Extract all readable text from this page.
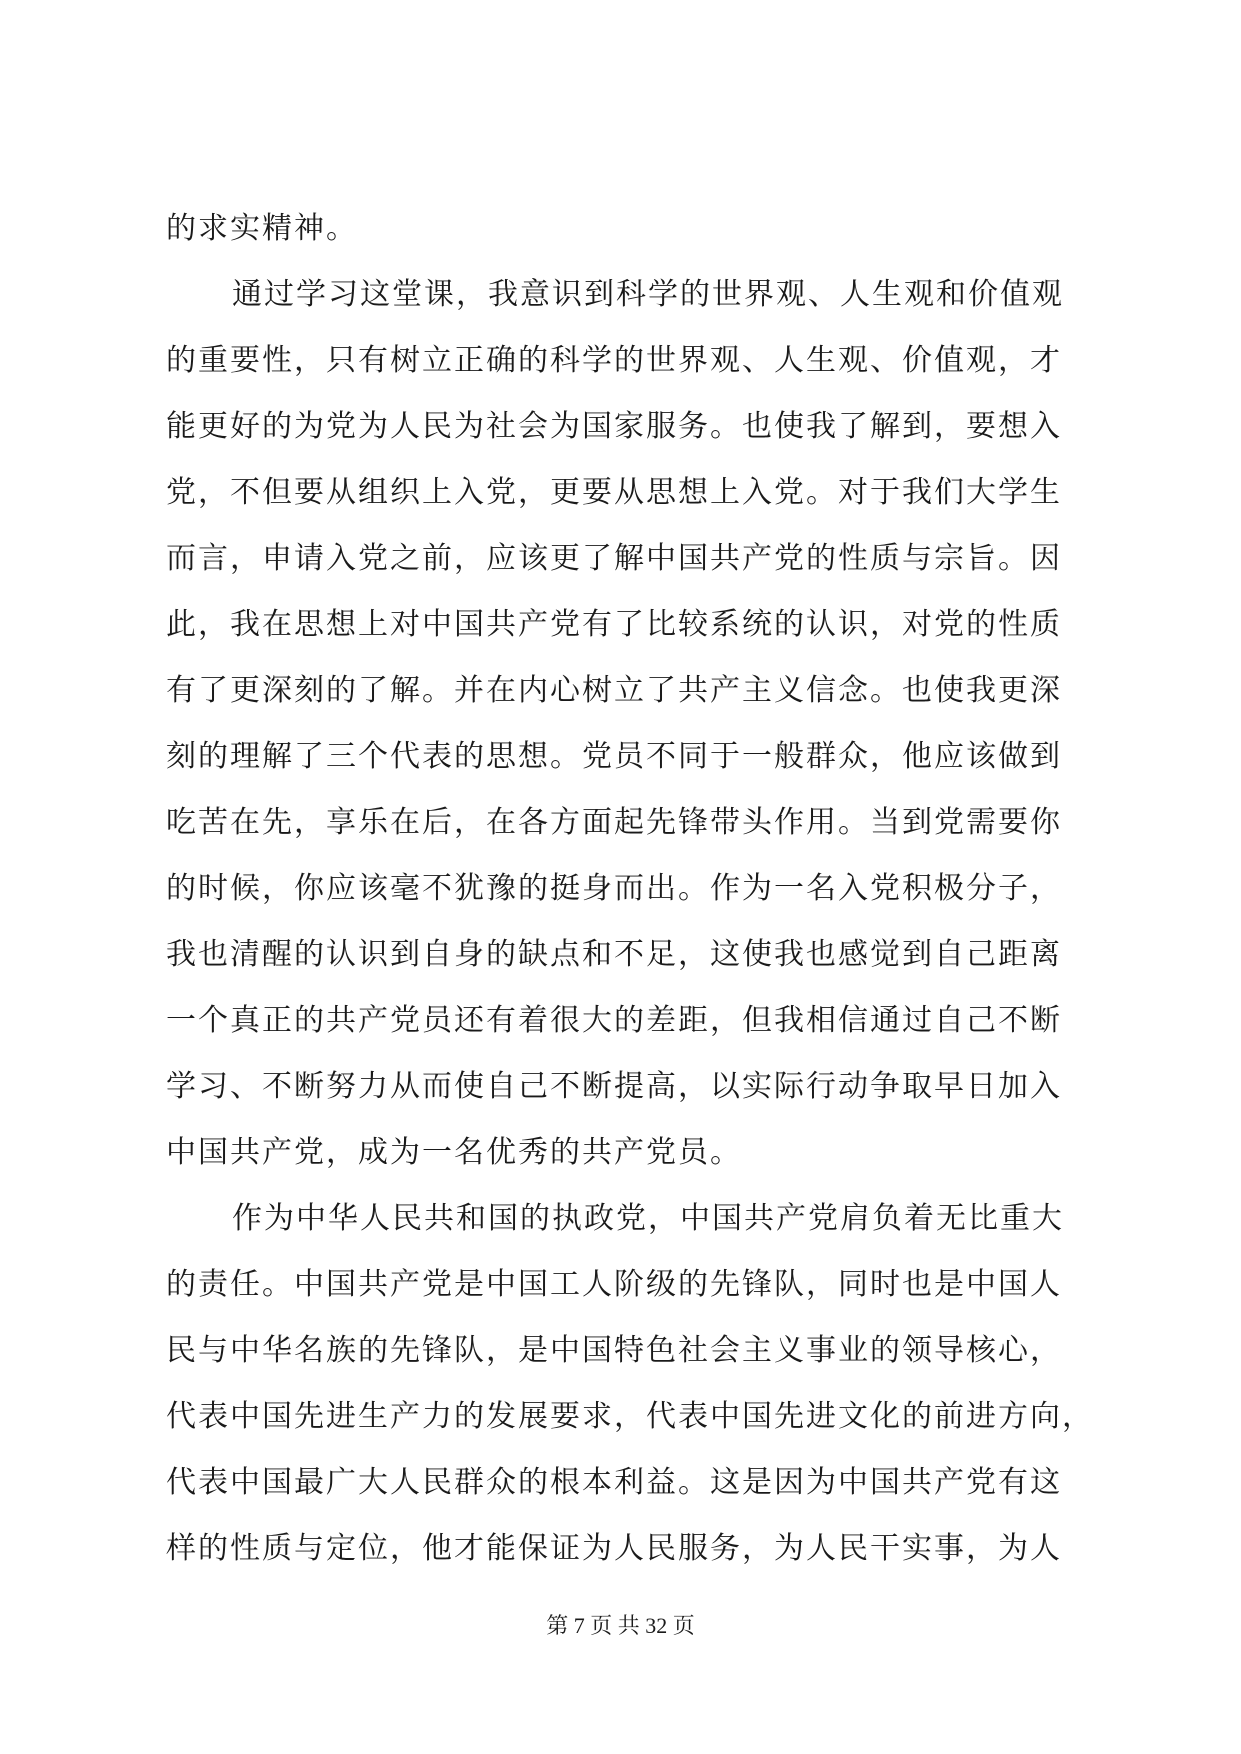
的求实精神。
通过学习这堂课，我意识到科学的世界观、人生观和价值观
的重要性，只有树立正确的科学的世界观、人生观、价值观，才
能更好的为党为人民为社会为国家服务。也使我了解到，要想入
党，不但要从组织上入党，更要从思想上入党。对于我们大学生
而言，申请入党之前，应该更了解中国共产党的性质与宗旨。因
此，我在思想上对中国共产党有了比较系统的认识，对党的性质
有了更深刻的了解。并在内心树立了共产主义信念。也使我更深
刻的理解了三个代表的思想。党员不同于一般群众，他应该做到
吃苦在先，享乐在后，在各方面起先锋带头作用。当到党需要你
的时候，你应该毫不犹豫的挺身而出。作为一名入党积极分子，
我也清醒的认识到自身的缺点和不足，这使我也感觉到自己距离
一个真正的共产党员还有着很大的差距，但我相信通过自己不断
学习、不断努力从而使自己不断提高，以实际行动争取早日加入
中国共产党，成为一名优秀的共产党员。
作为中华人民共和国的执政党，中国共产党肩负着无比重大
的责任。中国共产党是中国工人阶级的先锋队，同时也是中国人
民与中华名族的先锋队，是中国特色社会主义事业的领导核心，
代表中国先进生产力的发展要求，代表中国先进文化的前进方向，
代表中国最广大人民群众的根本利益。这是因为中国共产党有这
样的性质与定位，他才能保证为人民服务，为人民干实事，为人
第 7 页 共 32 页
